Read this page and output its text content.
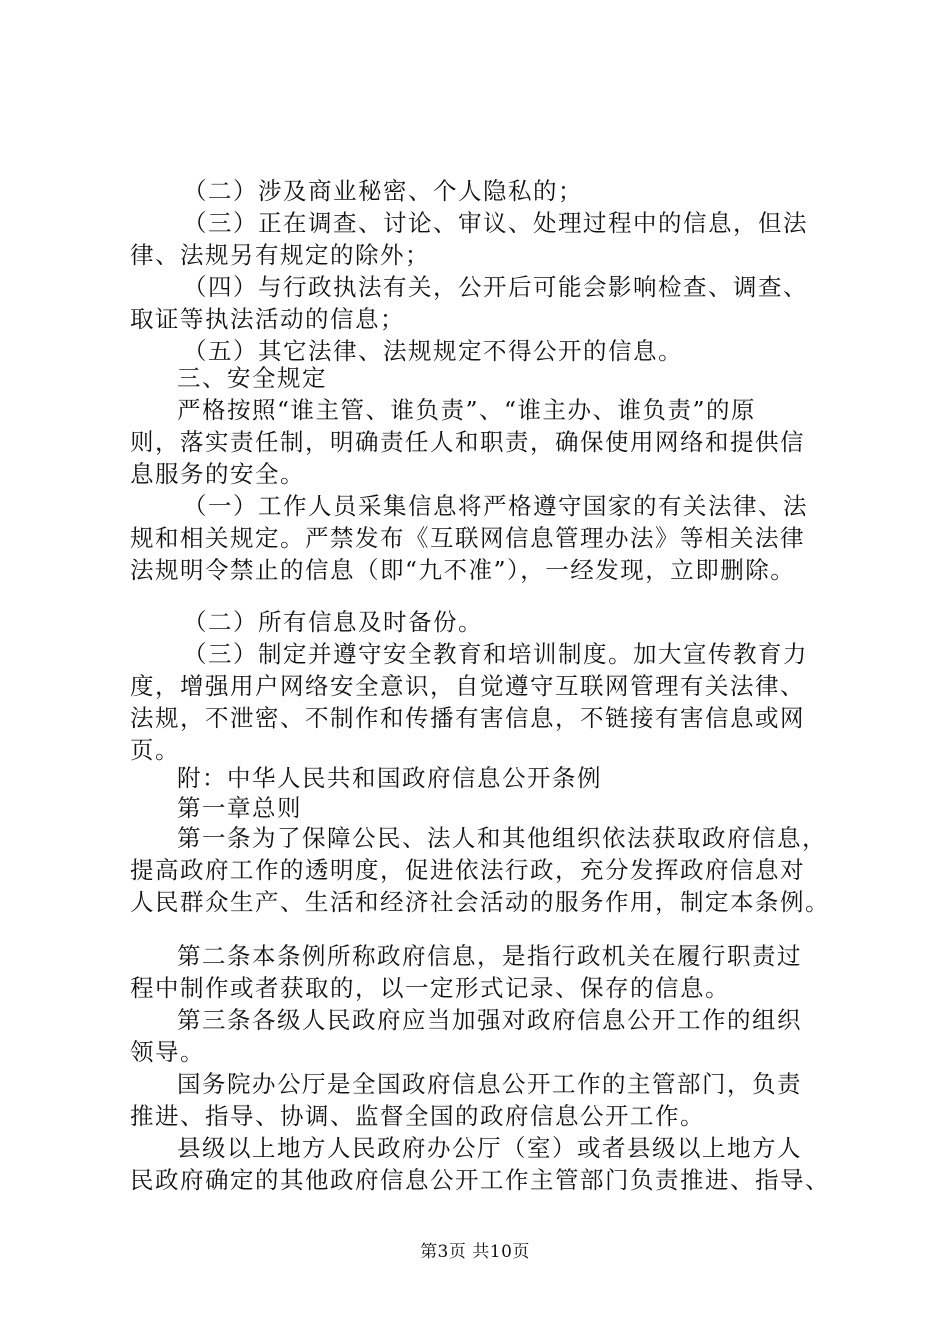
（二）涉及商业秘密、个人隐私的；
（三）正在调查、讨论、审议、处理过程中的信息，但法
律、法规另有规定的除外；
（四）与行政执法有关，公开后可能会影响检查、调查、
取证等执法活动的信息；
（五）其它法律、法规规定不得公开的信息。
三、安全规定
严格按照“谁主管、谁负责”、“谁主办、谁负责”的原
则，落实责任制，明确责任人和职责，确保使用网络和提供信
息服务的安全。
（一）工作人员采集信息将严格遵守国家的有关法律、法
规和相关规定。严禁发布《互联网信息管理办法》等相关法律
法规明令禁止的信息（即“九不准”），一经发现，立即删除。
（二）所有信息及时备份。
（三）制定并遵守安全教育和培训制度。加大宣传教育力
度，增强用户网络安全意识，自觉遵守互联网管理有关法律、
法规，不泄密、不制作和传播有害信息，不链接有害信息或网
页。
附：中华人民共和国政府信息公开条例
第一章总则
第一条为了保障公民、法人和其他组织依法获取政府信息，
提高政府工作的透明度，促进依法行政，充分发挥政府信息对
人民群众生产、生活和经济社会活动的服务作用，制定本条例。
第二条本条例所称政府信息，是指行政机关在履行职责过
程中制作或者获取的，以一定形式记录、保存的信息。
第三条各级人民政府应当加强对政府信息公开工作的组织
领导。
国务院办公厅是全国政府信息公开工作的主管部门，负责
推进、指导、协调、监督全国的政府信息公开工作。
县级以上地方人民政府办公厅（室）或者县级以上地方人
民政府确定的其他政府信息公开工作主管部门负责推进、指导、
第3页 共10页
